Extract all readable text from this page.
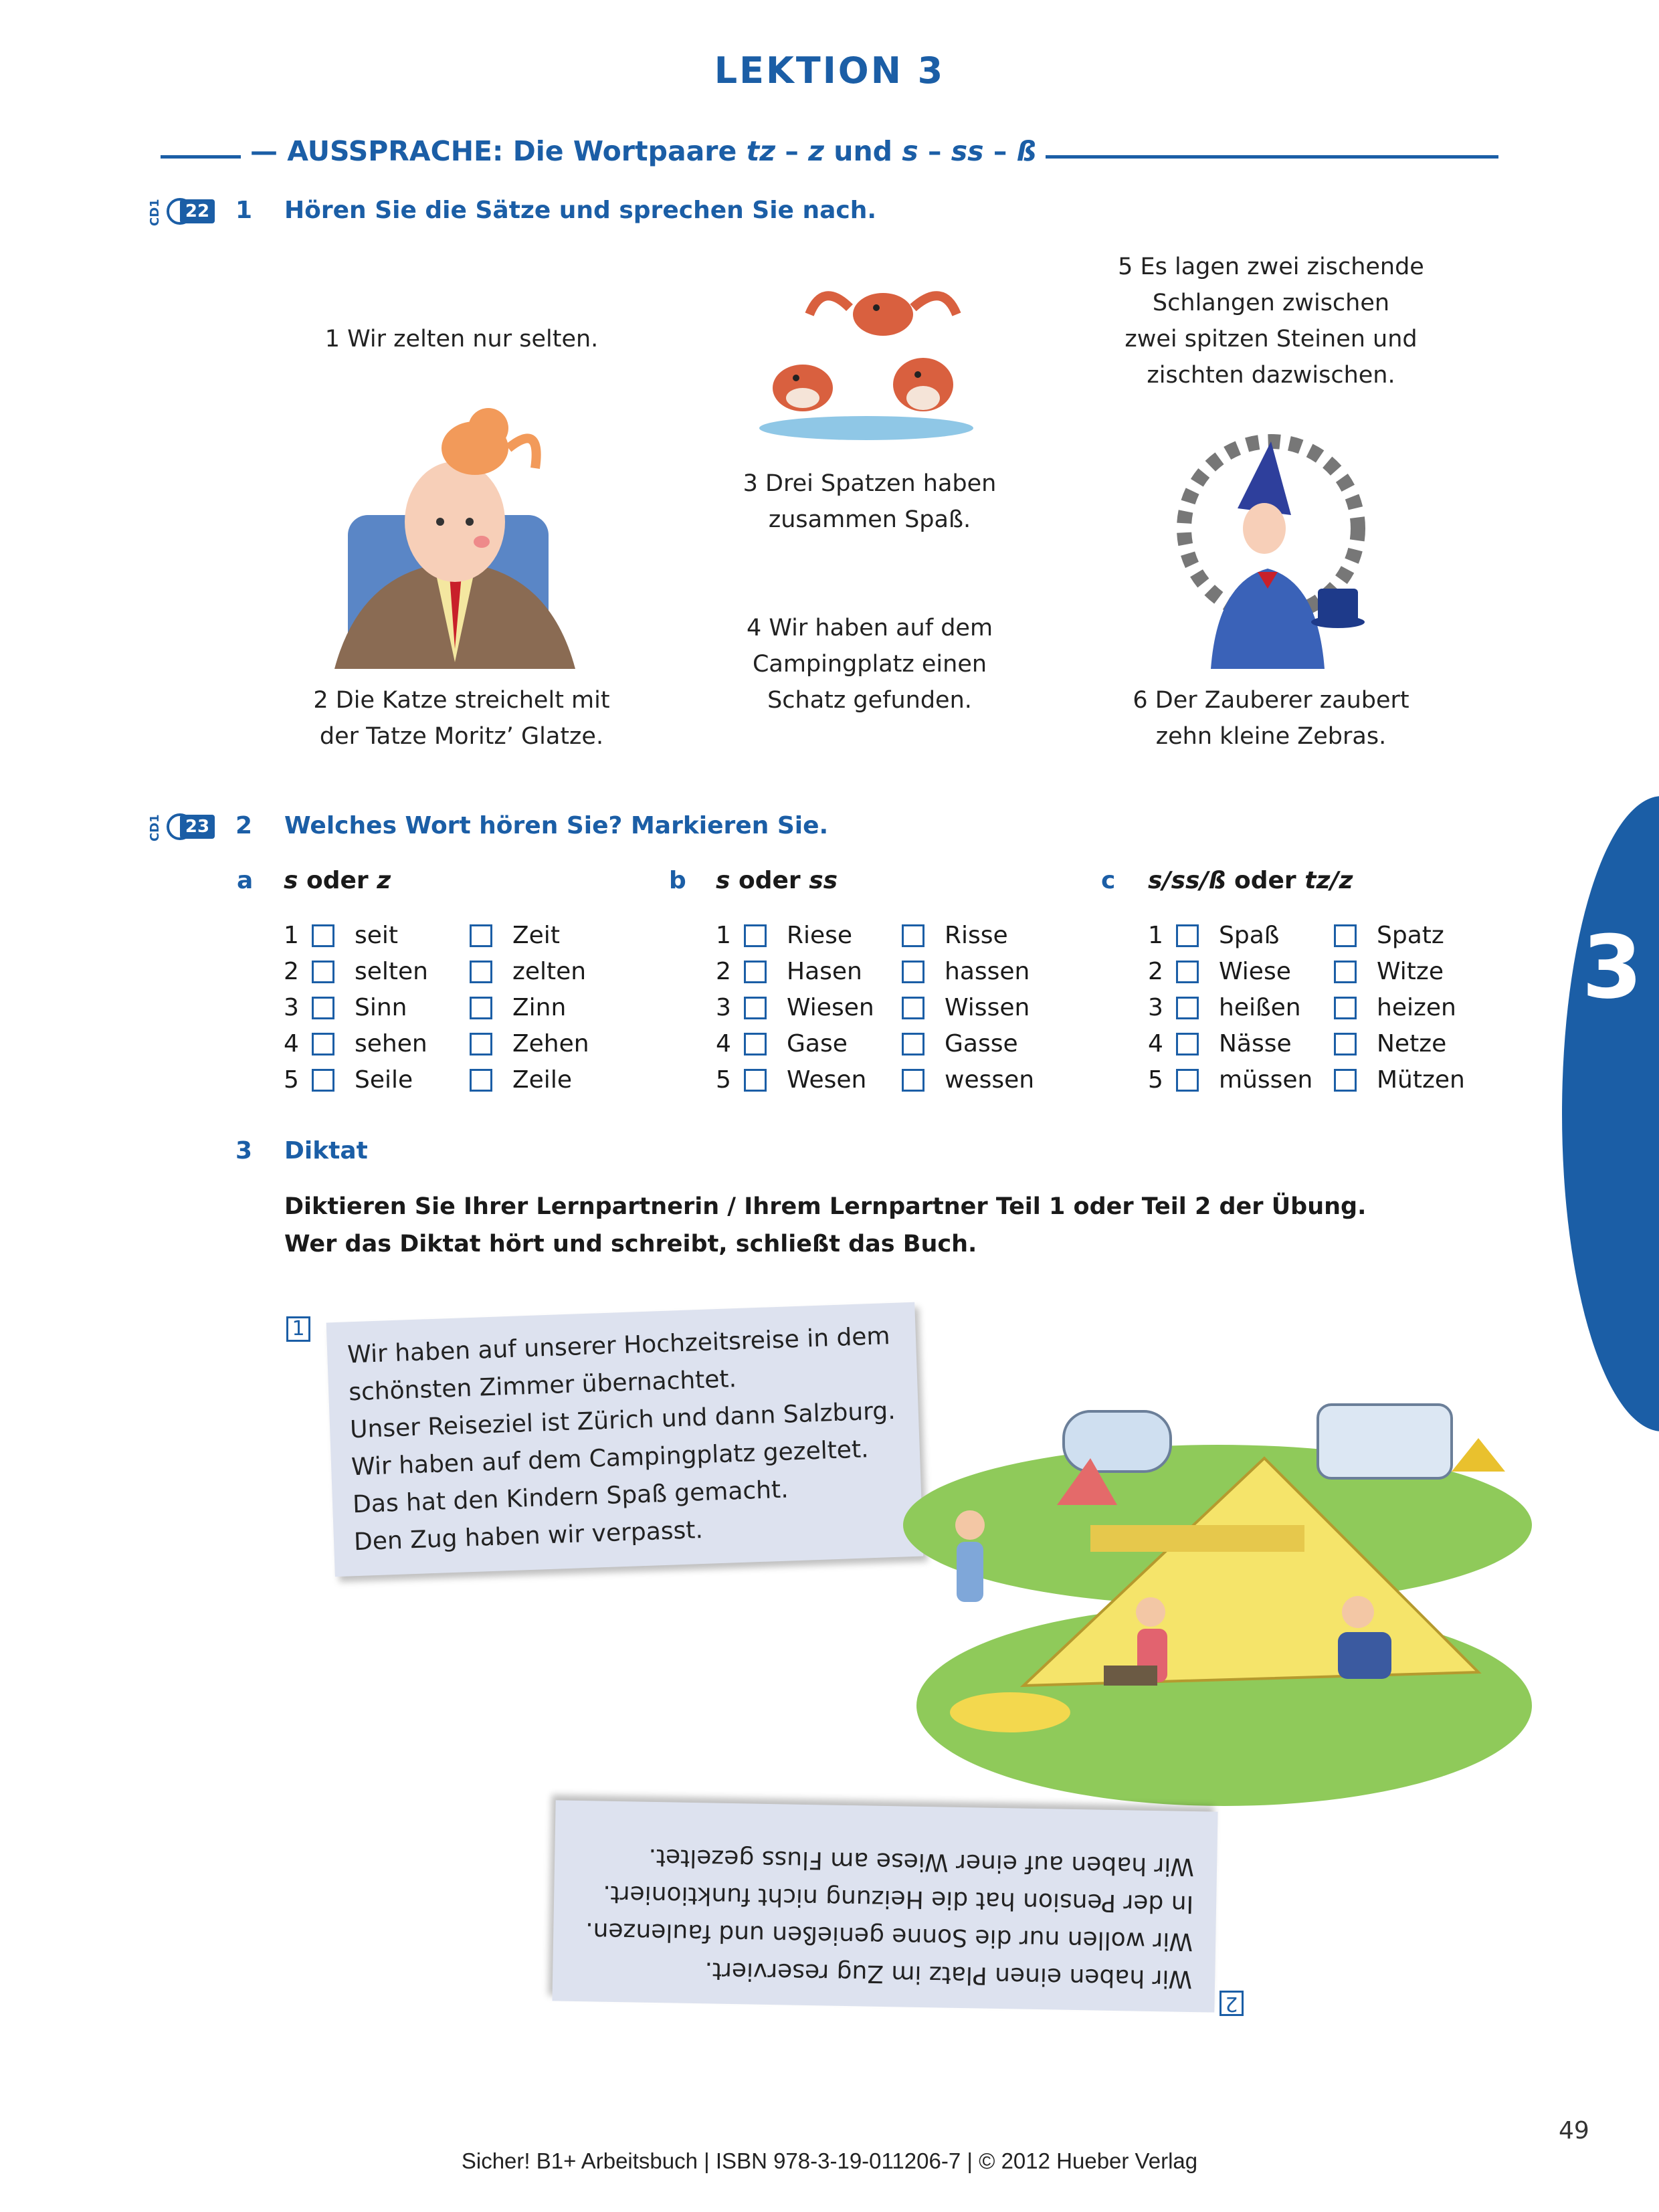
3
LEKTION 3
— AUSSPRACHE: Die Wortpaare tz – z und s – ss – ß
CD1	22 1 Hören Sie die Sätze und sprechen Sie nach.
1 Wir zelten nur selten.
2 Die Katze streichelt mit
der Tatze Moritz’ Glatze.
3 Drei Spatzen haben
zusammen Spaß.
4 Wir haben auf dem
Campingplatz einen
Schatz gefunden.
5 Es lagen zwei zischende
Schlangen zwischen
zwei spitzen Steinen und
zischten dazwischen.
6 Der Zauberer zaubert
zehn kleine Zebras.
CD1	23 2 Welches Wort hören Sie? Markieren Sie.
a s oder z	b s oder ss	c s/ss/ß oder tz/z
1 seit	Zeit
2 selten	zelten
3 Sinn	Zinn
4 sehen	Zehen
5 Seile	Zeile
1 Riese	Risse
2 Hasen	hassen
3 Wiesen	Wissen
4 Gase	Gasse
5 Wesen	wessen
1 Spaß	Spatz
2 Wiese	Witze
3 heißen	heizen
4 Nässe	Netze
5 müssen	Mützen
3 Diktat
Diktieren Sie Ihrer Lernpartnerin / Ihrem Lernpartner Teil 1 oder Teil 2 der Übung.
Wer das Diktat hört und schreibt, schließt das Buch.
1 Wir haben auf unserer Hochzeitsreise in dem
schönsten Zimmer übernachtet.
Unser Reiseziel ist Zürich und dann Salzburg.
Wir haben auf dem Campingplatz gezeltet.
Das hat den Kindern Spaß gemacht.
Den Zug haben wir verpasst.
Wir haben einen Platz im Zug reserviert.
Wir wollen nur die Sonne genießen und faulenzen.
In der Pension hat die Heizung nicht funktioniert.
Wir haben auf einer Wiese am Fluss gezeltet.
2
49
Sicher! B1+ Arbeitsbuch | ISBN 978-3-19-011206-7 | © 2012 Hueber Verlag
